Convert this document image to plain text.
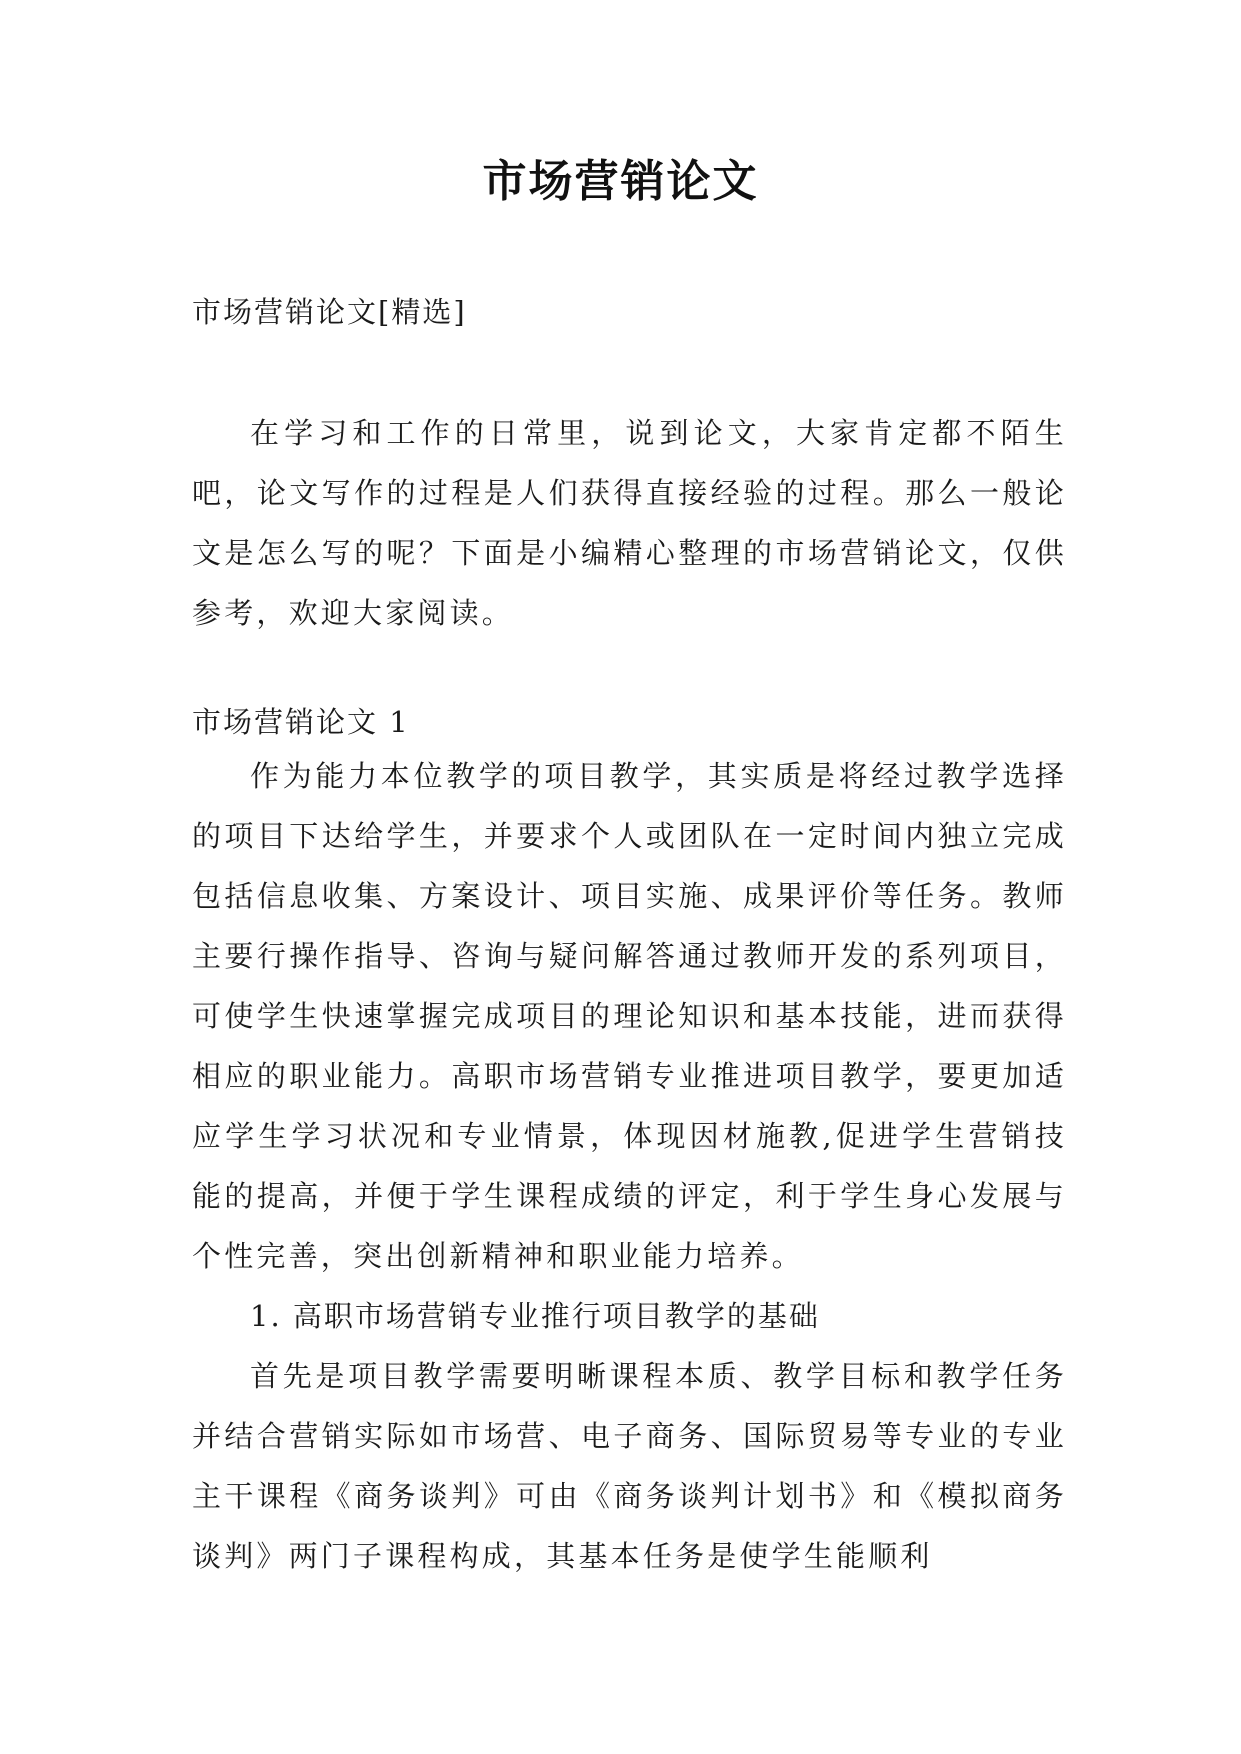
市场营销论文
市场营销论文[精选]

在学习和工作的日常里，说到论文，大家肯定都不陌生吧，论文写作的过程是人们获得直接经验的过程。那么一般论文是怎么写的呢？下面是小编精心整理的市场营销论文，仅供参考，欢迎大家阅读。

市场营销论文 1

作为能力本位教学的项目教学，其实质是将经过教学选择的项目下达给学生，并要求个人或团队在一定时间内独立完成包括信息收集、方案设计、项目实施、成果评价等任务。教师主要行操作指导、咨询与疑问解答通过教师开发的系列项目，可使学生快速掌握完成项目的理论知识和基本技能，进而获得相应的职业能力。高职市场营销专业推进项目教学，要更加适应学生学习状况和专业情景，体现因材施教,促进学生营销技能的提高，并便于学生课程成绩的评定，利于学生身心发展与个性完善，突出创新精神和职业能力培养。

1. 高职市场营销专业推行项目教学的基础

首先是项目教学需要明晰课程本质、教学目标和教学任务并结合营销实际如市场营、电子商务、国际贸易等专业的专业主干课程《商务谈判》可由《商务谈判计划书》和《模拟商务谈判》两门子课程构成，其基本任务是使学生能顺利
